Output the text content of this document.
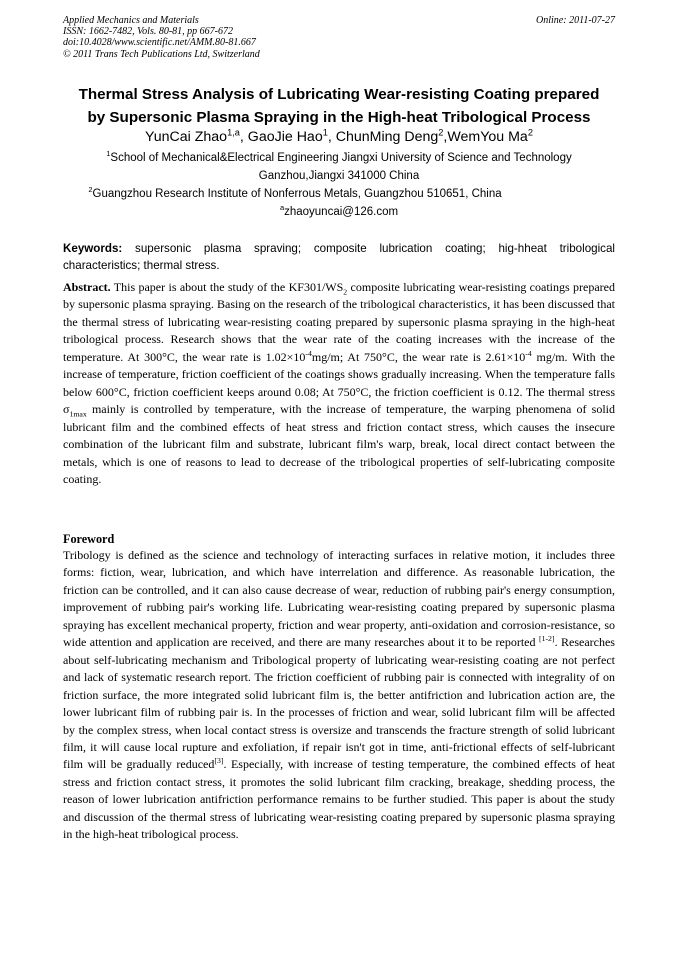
Applied Mechanics and Materials
ISSN: 1662-7482, Vols. 80-81, pp 667-672
doi:10.4028/www.scientific.net/AMM.80-81.667
© 2011 Trans Tech Publications Ltd, Switzerland
Online: 2011-07-27
Thermal Stress Analysis of Lubricating Wear-resisting Coating prepared
by Supersonic Plasma Spraying in the High-heat Tribological Process
YunCai Zhao$^{1,a}$, GaoJie Hao$^1$, ChunMing Deng$^2$,WemYou Ma$^2$
$^1$School of Mechanical&Electrical Engineering Jiangxi University of Science and Technology
Ganzhou,Jiangxi 341000 China
$^2$Guangzhou Research Institute of Nonferrous Metals, Guangzhou 510651, China
$^a$zhaoyuncai@126.com
Keywords: supersonic plasma spraving; composite lubrication coating; hig-hheat tribological characteristics; thermal stress.
Abstract. This paper is about the study of the $KF301/WS_2$ composite lubricating wear-resisting coatings prepared by supersonic plasma spraying. Basing on the research of the tribological characteristics, it has been discussed that the thermal stress of lubricating wear-resisting coating prepared by supersonic plasma spraying in the high-heat tribological process. Research shows that the wear rate of the coating increases with the increase of the temperature. At 300°C, the wear rate is $1.02\times 10^{-4}mg/m$; At 750°C, the wear rate is $2.61\times 10^{-4}$ mg/m. With the increase of temperature, friction coefficient of the coatings shows gradually increasing. When the temperature falls below 600°C, friction coefficient keeps around 0.08; At 750°C, the friction coefficient is 0.12. The thermal stress $\sigma_{1max}$ mainly is controlled by temperature, with the increase of temperature, the warping phenomena of solid lubricant film and the combined effects of heat stress and friction contact stress, which causes the insecure combination of the lubricant film and substrate, lubricant film's warp, break, local direct contact between the metals, which is one of reasons to lead to decrease of the tribological properties of self-lubricating composite coating.
Foreword
Tribology is defined as the science and technology of interacting surfaces in relative motion, it includes three forms: fiction, wear, lubrication, and which have interrelation and difference. As reasonable lubrication, the friction can be controlled, and it can also cause decrease of wear, reduction of rubbing pair's energy consumption, improvement of rubbing pair's working life. Lubricating wear-resisting coating prepared by supersonic plasma spraying has excellent mechanical property, friction and wear property, anti-oxidation and corrosion-resistance, so wide attention and application are received, and there are many researches about it to be reported [1-2]. Researches about self-lubricating mechanism and Tribological property of lubricating wear-resisting coating are not perfect and lack of systematic research report. The friction coefficient of rubbing pair is connected with integrality of on friction surface, the more integrated solid lubricant film is, the better antifriction and lubrication action are, the lower lubricant film of rubbing pair is. In the processes of friction and wear, solid lubricant film will be affected by the complex stress, when local contact stress is oversize and transcends the fracture strength of solid lubricant film, it will cause local rupture and exfoliation, if repair isn't got in time, anti-frictional effects of self-lubricant film will be gradually reduced[3]. Especially, with increase of testing temperature, the combined effects of heat stress and friction contact stress, it promotes the solid lubricant film cracking, breakage, shedding process, the reason of lower lubrication antifriction performance remains to be further studied. This paper is about the study and discussion of the thermal stress of lubricating wear-resisting coating prepared by supersonic plasma spraying in the high-heat tribological process.
